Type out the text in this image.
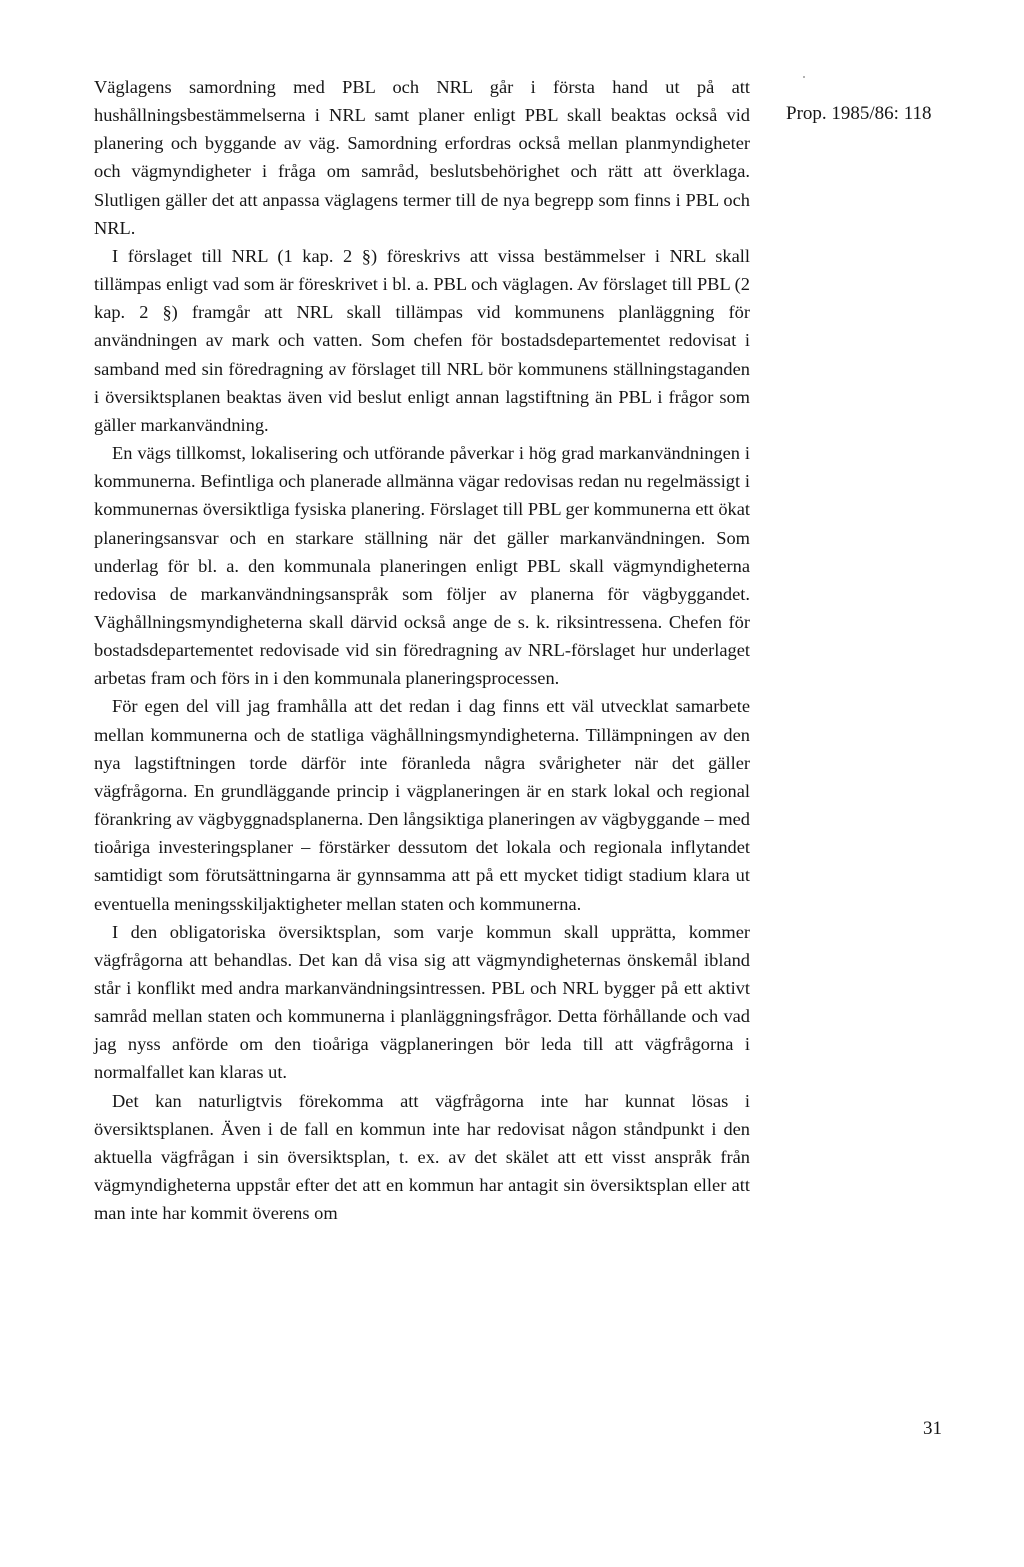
Prop. 1985/86: 118

Väglagens samordning med PBL och NRL går i första hand ut på att hushållningsbestämmelserna i NRL samt planer enligt PBL skall beaktas också vid planering och byggande av väg. Samordning erfordras också mellan planmyndigheter och vägmyndigheter i fråga om samråd, beslutsbehörighet och rätt att överklaga. Slutligen gäller det att anpassa väglagens termer till de nya begrepp som finns i PBL och NRL.

I förslaget till NRL (1 kap. 2 §) föreskrivs att vissa bestämmelser i NRL skall tillämpas enligt vad som är föreskrivet i bl. a. PBL och väglagen. Av förslaget till PBL (2 kap. 2 §) framgår att NRL skall tillämpas vid kommunens planläggning för användningen av mark och vatten. Som chefen för bostadsdepartementet redovisat i samband med sin föredragning av förslaget till NRL bör kommunens ställningstaganden i översiktsplanen beaktas även vid beslut enligt annan lagstiftning än PBL i frågor som gäller markanvändning.

En vägs tillkomst, lokalisering och utförande påverkar i hög grad markanvändningen i kommunerna. Befintliga och planerade allmänna vägar redovisas redan nu regelmässigt i kommunernas översiktliga fysiska planering. Förslaget till PBL ger kommunerna ett ökat planeringsansvar och en starkare ställning när det gäller markanvändningen. Som underlag för bl. a. den kommunala planeringen enligt PBL skall vägmyndigheterna redovisa de markanvändningsanspråk som följer av planerna för vägbyggandet. Väghållningsmyndigheterna skall därvid också ange de s. k. riksintressena. Chefen för bostadsdepartementet redovisade vid sin föredragning av NRL-förslaget hur underlaget arbetas fram och förs in i den kommunala planeringsprocessen.

För egen del vill jag framhålla att det redan i dag finns ett väl utvecklat samarbete mellan kommunerna och de statliga väghållningsmyndigheterna. Tillämpningen av den nya lagstiftningen torde därför inte föranleda några svårigheter när det gäller vägfrågorna. En grundläggande princip i vägplaneringen är en stark lokal och regional förankring av vägbyggnadsplanerna. Den långsiktiga planeringen av vägbyggande – med tioåriga investeringsplaner – förstärker dessutom det lokala och regionala inflytandet samtidigt som förutsättningarna är gynnsamma att på ett mycket tidigt stadium klara ut eventuella meningsskiljaktigheter mellan staten och kommunerna.

I den obligatoriska översiktsplan, som varje kommun skall upprätta, kommer vägfrågorna att behandlas. Det kan då visa sig att vägmyndigheternas önskemål ibland står i konflikt med andra markanvändningsintressen. PBL och NRL bygger på ett aktivt samråd mellan staten och kommunerna i planläggningsfrågor. Detta förhållande och vad jag nyss anförde om den tioåriga vägplaneringen bör leda till att vägfrågorna i normalfallet kan klaras ut.

Det kan naturligtvis förekomma att vägfrågorna inte har kunnat lösas i översiktsplanen. Även i de fall en kommun inte har redovisat någon ståndpunkt i den aktuella vägfrågan i sin översiktsplan, t. ex. av det skälet att ett visst anspråk från vägmyndigheterna uppstår efter det att en kommun har antagit sin översiktsplan eller att man inte har kommit överens om

31
